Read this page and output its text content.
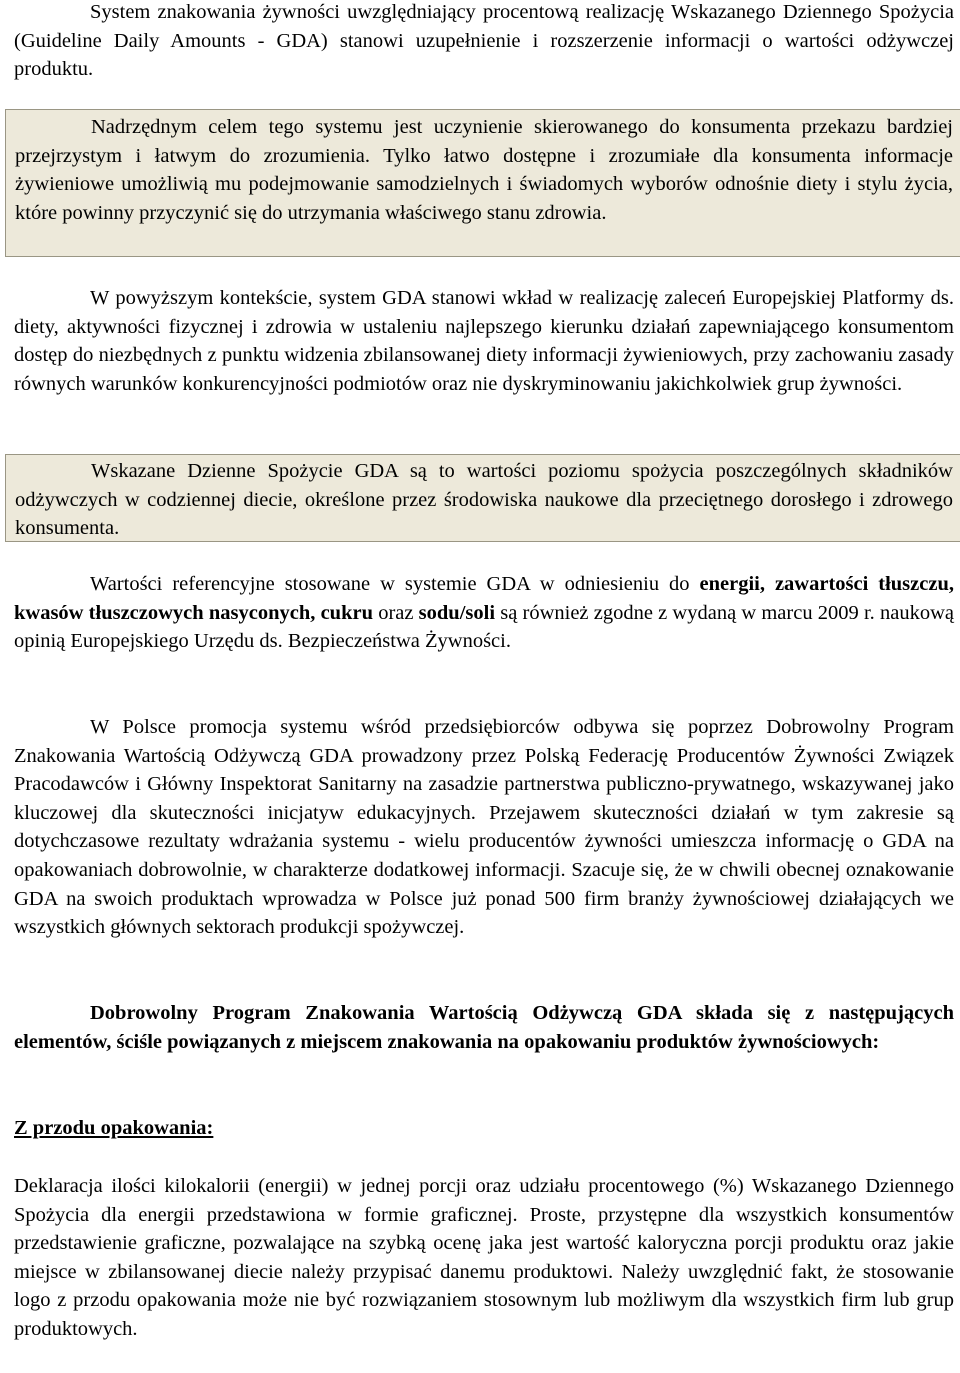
System znakowania żywności uwzględniający procentową realizację Wskazanego Dziennego Spożycia (Guideline Daily Amounts - GDA) stanowi uzupełnienie i rozszerzenie informacji o wartości odżywczej produktu.

Nadrzędnym celem tego systemu jest uczynienie skierowanego do konsumenta przekazu bardziej przejrzystym i łatwym do zrozumienia. Tylko łatwo dostępne i zrozumiałe dla konsumenta informacje żywieniowe umożliwią mu podejmowanie samodzielnych i świadomych wyborów odnośnie diety i stylu życia, które powinny przyczynić się do utrzymania właściwego stanu zdrowia.

W powyższym kontekście, system GDA stanowi wkład w realizację zaleceń Europejskiej Platformy ds. diety, aktywności fizycznej i zdrowia w ustaleniu najlepszego kierunku działań zapewniającego konsumentom dostęp do niezbędnych z punktu widzenia zbilansowanej diety informacji żywieniowych, przy zachowaniu zasady równych warunków konkurencyjności podmiotów oraz nie dyskryminowaniu jakichkolwiek grup żywności.

Wskazane Dzienne Spożycie GDA są to wartości poziomu spożycia poszczególnych składników odżywczych w codziennej diecie, określone przez środowiska naukowe dla przeciętnego dorosłego i zdrowego konsumenta.

Wartości referencyjne stosowane w systemie GDA w odniesieniu do energii, zawartości tłuszczu, kwasów tłuszczowych nasyconych, cukru oraz sodu/soli są również zgodne z wydaną w marcu 2009 r. naukową opinią Europejskiego Urzędu ds. Bezpieczeństwa Żywności.

W Polsce promocja systemu wśród przedsiębiorców odbywa się poprzez Dobrowolny Program Znakowania Wartością Odżywczą GDA prowadzony przez Polską Federację Producentów Żywności Związek Pracodawców i Główny Inspektorat Sanitarny na zasadzie partnerstwa publiczno-prywatnego, wskazywanej jako kluczowej dla skuteczności inicjatyw edukacyjnych. Przejawem skuteczności działań w tym zakresie są dotychczasowe rezultaty wdrażania systemu - wielu producentów żywności umieszcza informację o GDA na opakowaniach dobrowolnie, w charakterze dodatkowej informacji. Szacuje się, że w chwili obecnej oznakowanie GDA na swoich produktach wprowadza w Polsce już ponad 500 firm branży żywnościowej działających we wszystkich głównych sektorach produkcji spożywczej.

Dobrowolny Program Znakowania Wartością Odżywczą GDA składa się z następujących elementów, ściśle powiązanych z miejscem znakowania na opakowaniu produktów żywnościowych:

Z przodu opakowania:

Deklaracja ilości kilokalorii (energii) w jednej porcji oraz udziału procentowego (%) Wskazanego Dziennego Spożycia dla energii przedstawiona w formie graficznej. Proste, przystępne dla wszystkich konsumentów przedstawienie graficzne, pozwalające na szybką ocenę jaka jest wartość kaloryczna porcji produktu oraz jakie miejsce w zbilansowanej diecie należy przypisać danemu produktowi. Należy uwzględnić fakt, że stosowanie logo z przodu opakowania może nie być rozwiązaniem stosownym lub możliwym dla wszystkich firm lub grup produktowych.
